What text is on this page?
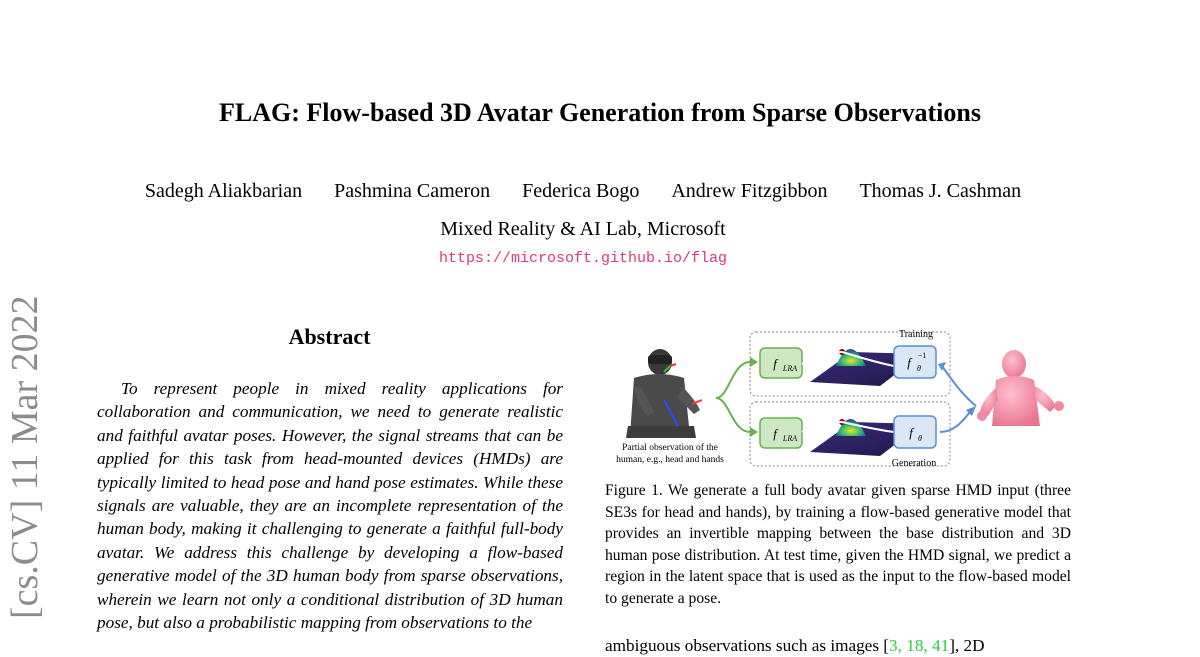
FLAG: Flow-based 3D Avatar Generation from Sparse Observations
Sadegh Aliakbarian Pashmina Cameron Federica Bogo Andrew Fitzgibbon Thomas J. Cashman
Mixed Reality & AI Lab, Microsoft
https://microsoft.github.io/flag
[cs.CV] 11 Mar 2022	Abstract
To represent people in mixed reality applications for collaboration and communication, we need to generate realistic and faithful avatar poses. However, the signal streams that can be applied for this task from head-mounted devices (HMDs) are typically limited to head pose and hand pose estimates. While these signals are valuable, they are an incomplete representation of the human body, making it challenging to generate a faithful full-body avatar. We address this challenge by developing a flow-based generative model of the 3D human body from sparse observations, wherein we learn not only a conditional distribution of 3D human pose, but also a probabilistic mapping from observations to the
Partial observation of the
human, e.g., head and hands
Training
Generation
f LRA	f θ
−1
f LRA	f θ
Figure 1. We generate a full body avatar given sparse HMD input (three SE3s for head and hands), by training a flow-based generative model that provides an invertible mapping between the base distribution and 3D human pose distribution. At test time, given the HMD signal, we predict a region in the latent space that is used as the input to the flow-based model to generate a pose.
ambiguous observations such as images [3, 18, 41], 2D
